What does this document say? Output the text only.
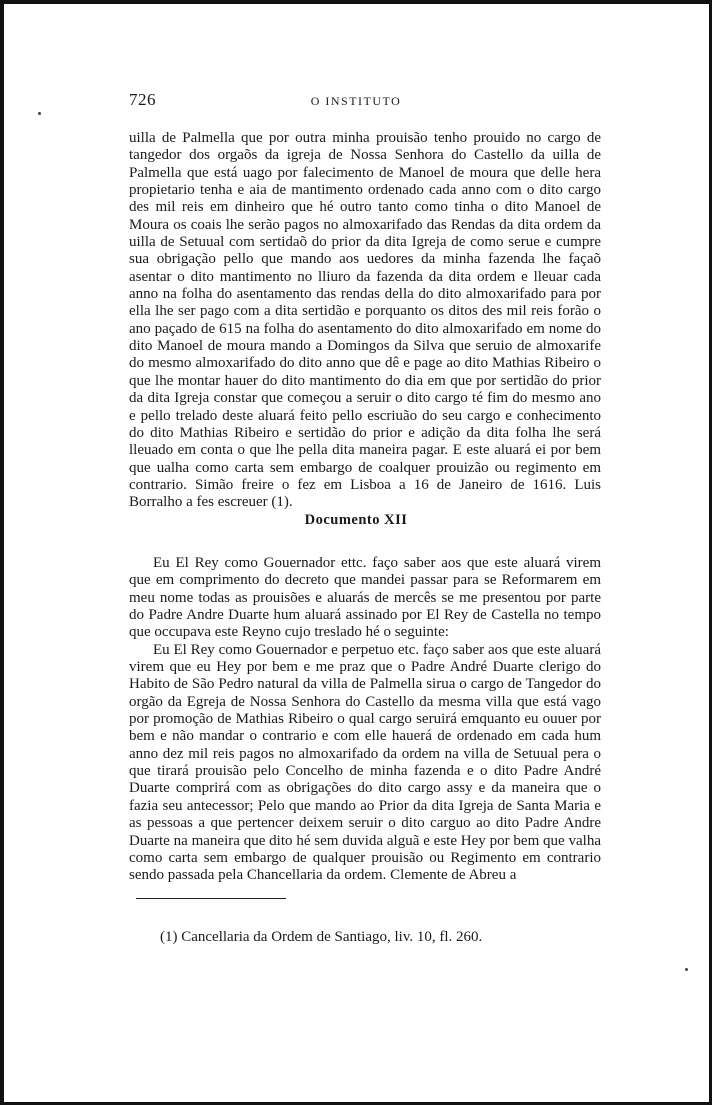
726	O INSTITUTO

uilla de Palmella que por outra minha prouisão tenho prouido no cargo de tangedor dos orgaõs da igreja de Nossa Senhora do Castello da uilla de Palmella que está uago por falecimento de Manoel de moura que delle hera propietario tenha e aia de mantimento ordenado cada anno com o dito cargo des mil reis em dinheiro que hé outro tanto como tinha o dito Manoel de Moura os coais lhe serão pagos no almoxarifado das Rendas da dita ordem da uilla de Setuual com sertidaõ do prior da dita Igreja de como serue e cumpre sua obrigação pello que mando aos uedores da minha fazenda lhe façaõ asentar o dito mantimento no lliuro da fazenda da dita ordem e lleuar cada anno na folha do asentamento das rendas della do dito almoxarifado para por ella lhe ser pago com a dita sertidão e porquanto os ditos des mil reis forão o ano paçado de 615 na folha do asentamento do dito almoxarifado em nome do dito Manoel de moura mando a Domingos da Silva que seruio de almoxarife do mesmo almoxarifado do dito anno que dê e page ao dito Mathias Ribeiro o que lhe montar hauer do dito mantimento do dia em que por sertidão do prior da dita Igreja constar que começou a seruir o dito cargo té fim do mesmo ano e pello trelado deste aluará feito pello escriuão do seu cargo e conhecimento do dito Mathias Ribeiro e sertidão do prior e adição da dita folha lhe será lleuado em conta o que lhe pella dita maneira pagar. E este aluará ei por bem que ualha como carta sem embargo de coalquer prouizão ou regimento em contrario. Simão freire o fez em Lisboa a 16 de Janeiro de 1616. Luis Borralho a fes escreuer (1).

Documento XII

Eu El Rey como Gouernador ettc. faço saber aos que este aluará virem que em comprimento do decreto que mandei passar para se Reformarem em meu nome todas as prouisões e aluarás de mercês se me presentou por parte do Padre Andre Duarte hum aluará assinado por El Rey de Castella no tempo que occupava este Reyno cujo treslado hé o seguinte:

Eu El Rey como Gouernador e perpetuo etc. faço saber aos que este aluará virem que eu Hey por bem e me praz que o Padre André Duarte clerigo do Habito de São Pedro natural da villa de Palmella sirua o cargo de Tangedor do orgão da Egreja de Nossa Senhora do Castello da mesma villa que está vago por promoção de Mathias Ribeiro o qual cargo seruirá emquanto eu ouuer por bem e não mandar o contrario e com elle hauerá de ordenado em cada hum anno dez mil reis pagos no almoxarifado da ordem na villa de Setuual pera o que tirará prouisão pelo Concelho de minha fazenda e o dito Padre André Duarte comprirá com as obrigações do dito cargo assy e da maneira que o fazia seu antecessor; Pelo que mando ao Prior da dita Igreja de Santa Maria e as pessoas a que pertencer deixem seruir o dito carguo ao dito Padre Andre Duarte na maneira que dito hé sem duvida alguã e este Hey por bem que valha como carta sem embargo de qualquer prouisão ou Regimento em contrario sendo passada pela Chancellaria da ordem. Clemente de Abreu a

(1) Cancellaria da Ordem de Santiago, liv. 10, fl. 260.
